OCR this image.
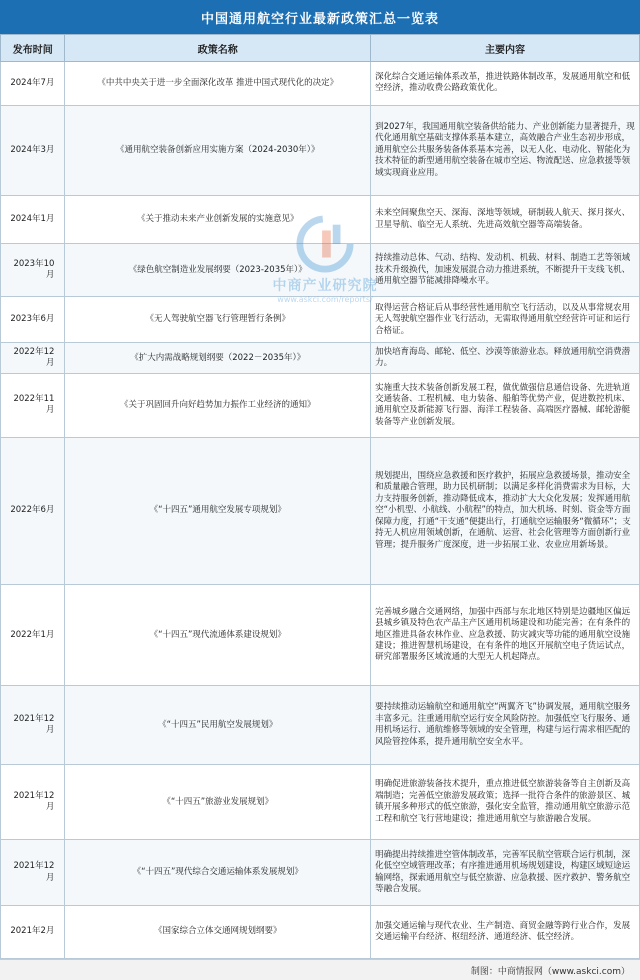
中国通用航空行业最新政策汇总一览表
发布时间	政策名称	主要内容
2024年7月	《中共中央关于进一步全面深化改革 推进中国式现代化的决定》	深化综合交通运输体系改革，推进铁路体制改革，发展通用航空和低空经济，推动收费公路政策优化。
2024年3月	《通用航空装备创新应用实施方案（2024-2030年）》	到2027年，我国通用航空装备供给能力、产业创新能力显著提升，现代化通用航空基础支撑体系基本建立，高效融合产业生态初步形成，通用航空公共服务装备体系基本完善，以无人化、电动化、智能化为技术特征的新型通用航空装备在城市空运、物流配送、应急救援等领域实现商业应用。
2024年1月	《关于推动未来产业创新发展的实施意见》	未来空间聚焦空天、深海、深地等领域，研制载人航天、探月探火、卫星导航、临空无人系统、先进高效航空器等高端装备。
2023年10月	《绿色航空制造业发展纲要（2023-2035年）》	持续推动总体、气动、结构、发动机、机载、材料、制造工艺等领域技术升级换代，加速发展混合动力推进系统，不断提升干支线飞机、通用航空器节能减排降噪水平。
2023年6月	《无人驾驶航空器飞行管理暂行条例》	取得运营合格证后从事经营性通用航空飞行活动，以及从事常规农用无人驾驶航空器作业飞行活动，无需取得通用航空经营许可证和运行合格证。
2022年12月	《扩大内需战略规划纲要（2022－2035年）》	加快培育海岛、邮轮、低空、沙漠等旅游业态。释放通用航空消费潜力。
2022年11月	《关于巩固回升向好趋势加力振作工业经济的通知》	实施重大技术装备创新发展工程，做优做强信息通信设备、先进轨道交通装备、工程机械、电力装备、船舶等优势产业，促进数控机床、通用航空及新能源飞行器、海洋工程装备、高端医疗器械、邮轮游艇装备等产业创新发展。
2022年6月	《“十四五”通用航空发展专项规划》	规划提出，围绕应急救援和医疗救护，拓展应急救援场景，推动安全和质量融合管理，助力民机研制；以满足多样化消费需求为目标，大力支持服务创新，推动降低成本，推动扩大大众化发展；发挥通用航空“小机型、小航线、小航程”的特点，加大机场、时刻、资金等方面保障力度，打通“干支通”便捷出行，打通航空运输服务“微循环”；支持无人机应用领域创新，在通航、运营、社会化管理等方面创新行业管理；提升服务广度深度，进一步拓展工业、农业应用新场景。
2022年1月	《“十四五”现代流通体系建设规划》	完善城乡融合交通网络，加强中西部与东北地区特别是边疆地区偏远县城乡镇及特色农产品主产区通用机场建设和功能完善；在有条件的地区推进具备农林作业、应急救援、防灾减灾等功能的通用航空设施建设；推进智慧机场建设，在有条件的地区开展航空电子货运试点，研究部署服务区域流通的大型无人机起降点。
2021年12月	《“十四五”民用航空发展规划》	要持续推动运输航空和通用航空“两翼齐飞”协调发展，通用航空服务丰富多元。注重通用航空运行安全风险防控。加强低空飞行服务、通用机场运行、通航维修等领域的安全管理，构建与运行需求相匹配的风险管控体系，提升通用航空安全水平。
2021年12月	《“十四五”旅游业发展规划》	明确促进旅游装备技术提升，重点推进低空旅游装备等自主创新及高端制造；完善低空旅游发展政策；选择一批符合条件的旅游景区、城镇开展多种形式的低空旅游，强化安全监管，推动通用航空旅游示范工程和航空飞行营地建设；推进通用航空与旅游融合发展。
2021年12月	《“十四五”现代综合交通运输体系发展规划》	明确提出持续推进空管体制改革，完善军民航空管联合运行机制，深化低空空域管理改革；有序推进通用机场规划建设，构建区域短途运输网络，探索通用航空与低空旅游、应急救援、医疗救护、警务航空等融合发展。
2021年2月	《国家综合立体交通网规划纲要》	加强交通运输与现代农业、生产制造、商贸金融等跨行业合作，发展交通运输平台经济、枢纽经济、通道经济、低空经济。
中商产业研究院
www.askci.com/reports/
制图：中商情报网（www.askci.com）
